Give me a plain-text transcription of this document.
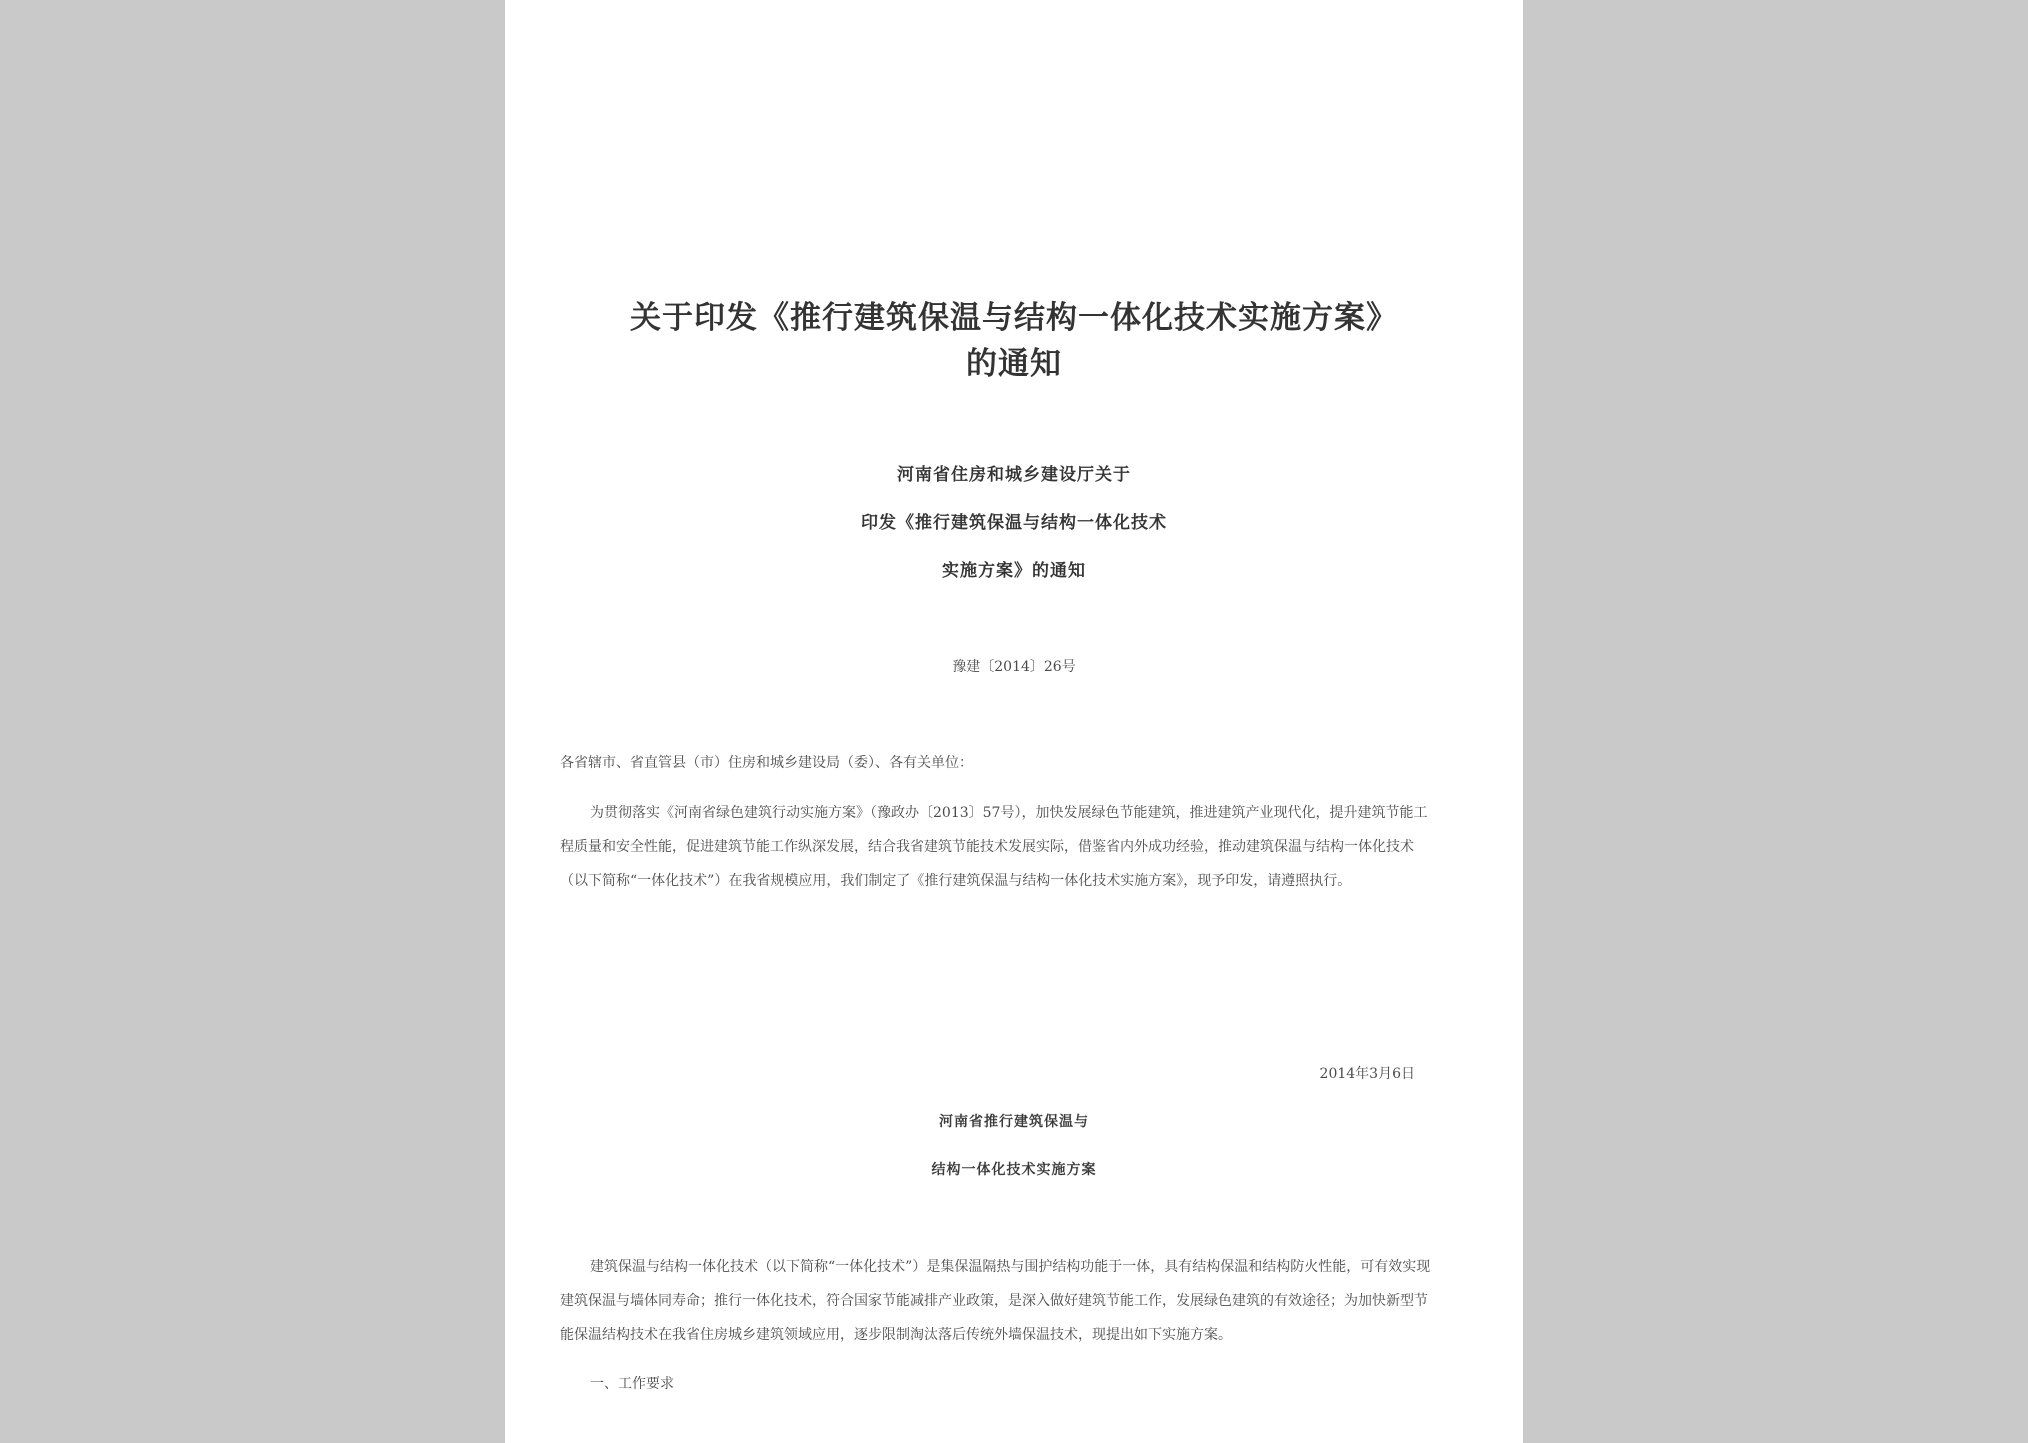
关于印发《推行建筑保温与结构一体化技术实施方案》
的通知

河南省住房和城乡建设厅关于

印发《推行建筑保温与结构一体化技术

实施方案》的通知

豫建〔2014〕26号

各省辖市、省直管县（市）住房和城乡建设局（委）、各有关单位：

为贯彻落实《河南省绿色建筑行动实施方案》（豫政办〔2013〕57号），加快发展绿色节能建筑，推进建筑产业现代化，提升建筑节能工

程质量和安全性能，促进建筑节能工作纵深发展，结合我省建筑节能技术发展实际，借鉴省内外成功经验，推动建筑保温与结构一体化技术

（以下简称“一体化技术”）在我省规模应用，我们制定了《推行建筑保温与结构一体化技术实施方案》，现予印发，请遵照执行。

2014年3月6日

河南省推行建筑保温与

结构一体化技术实施方案

建筑保温与结构一体化技术（以下简称“一体化技术”）是集保温隔热与围护结构功能于一体，具有结构保温和结构防火性能，可有效实现

建筑保温与墙体同寿命；推行一体化技术，符合国家节能减排产业政策，是深入做好建筑节能工作，发展绿色建筑的有效途径；为加快新型节

能保温结构技术在我省住房城乡建筑领域应用，逐步限制淘汰落后传统外墙保温技术，现提出如下实施方案。

一、工作要求
